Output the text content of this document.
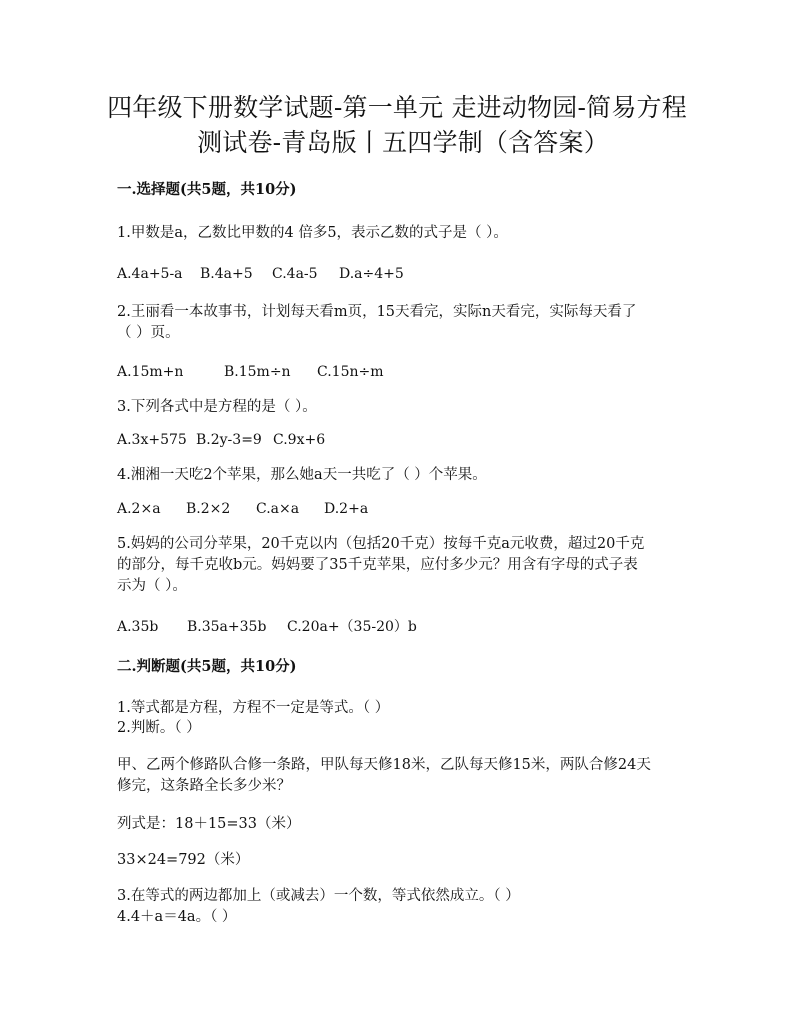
四年级下册数学试题-第一单元 走进动物园-简易方程
测试卷-青岛版丨五四学制（含答案）
一.选择题(共5题，共10分)
1.甲数是a，乙数比甲数的4 倍多5，表示乙数的式子是（ ）。
A.4a+5-a B.4a+5 C.4a-5 D.a÷4+5
2.王丽看一本故事书，计划每天看m页，15天看完，实际n天看完，实际每天看了
（ ）页。
A.15m+n	B.15m÷n C.15n÷m
3.下列各式中是方程的是（ ）。
A.3x+575 B.2y-3=9 C.9x+6
4.湘湘一天吃2个苹果，那么她a天一共吃了（ ）个苹果。
A.2×a B.2×2 C.a×a D.2+a
5.妈妈的公司分苹果，20千克以内（包括20千克）按每千克a元收费，超过20千克
的部分，每千克收b元。妈妈要了35千克苹果，应付多少元？用含有字母的式子表
示为（ ）。
A.35b B.35a+35b C.20a+（35-20）b
二.判断题(共5题，共10分)
1.等式都是方程，方程不一定是等式。（ ）
2.判断。（ ）
甲、乙两个修路队合修一条路，甲队每天修18米，乙队每天修15米，两队合修24天
修完，这条路全长多少米？
列式是：18＋15=33（米）
33×24=792（米）
3.在等式的两边都加上（或减去）一个数，等式依然成立。（ ）
4.4＋a＝4a。（ ）
